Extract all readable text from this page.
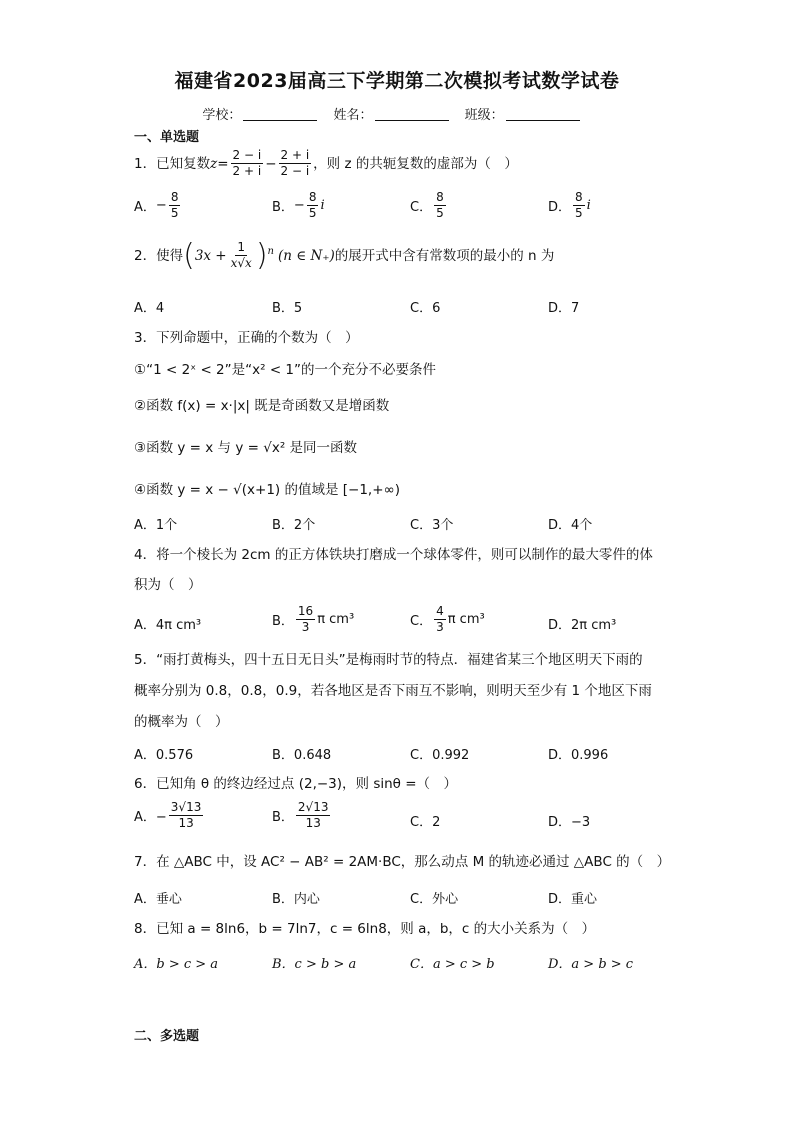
福建省2023届高三下学期第二次模拟考试数学试卷
学校：	姓名：	班级：
一、单选题
1．已知复数 $z = \frac{2 - i}{2 + i} - \frac{2 + i}{2 - i}$ ，则 z 的共轭复数的虚部为（　）
A． − $\frac{8}{5}$	B． − $\frac{8}{5}$ i	C． $\frac{8}{5}$	D． $\frac{8}{5}$ i
2．使得 ( $3x + \frac{1}{x√x} )^n$ (n ∈ N₊) 的展开式中含有常数项的最小的 n 为
A．4	B．5	C．6	D．7
3．下列命题中，正确的个数为（　）
①“1 < 2ˣ < 2”是“x² < 1”的一个充分不必要条件
②函数 f(x) = x·|x| 既是奇函数又是增函数
③函数 y = x 与 y = √x² 是同一函数
④函数 y = x − √(x+1) 的值域是 [−1,+∞)
A．1个	B．2个	C．3个	D．4个
4．将一个棱长为 2cm 的正方体铁块打磨成一个球体零件，则可以制作的最大零件的体
积为（　）
A．4π cm³	B． $\frac{16}{3}$ π cm³	C． $\frac{4}{3}$ π cm³	D．2π cm³
5．“雨打黄梅头，四十五日无日头”是梅雨时节的特点．福建省某三个地区明天下雨的
概率分别为 0.8，0.8，0.9，若各地区是否下雨互不影响，则明天至少有 1 个地区下雨
的概率为（　）
A．0.576	B．0.648	C．0.992	D．0.996
6．已知角 θ 的终边经过点 (2,−3)，则 sinθ =（　）
A．− $\frac{3√13}{13}$	B． $\frac{2√13}{13}$	C．2	D．−3
7．在 △ABC 中，设 AC² − AB² = 2AM·BC，那么动点 M 的轨迹必通过 △ABC 的（　）
A．垂心	B．内心	C．外心	D．重心
8．已知 a = 8ln6，b = 7ln7，c = 6ln8，则 a，b，c 的大小关系为（　）
A．b > c > a	B．c > b > a	C．a > c > b	D．a > b > c
二、多选题
